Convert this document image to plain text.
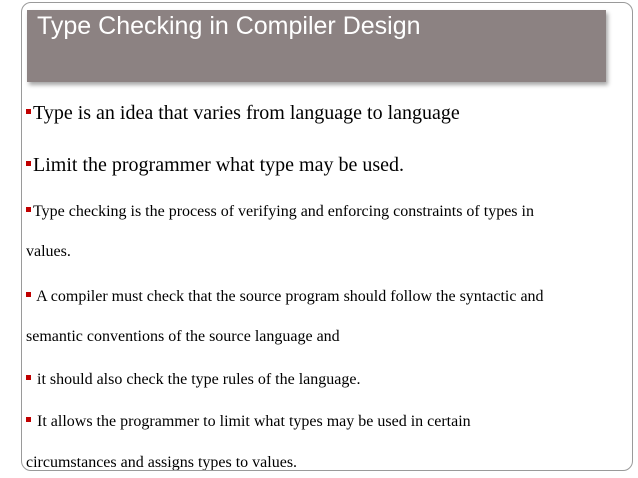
Type Checking in Compiler Design
Type is an idea that varies from language to language
Limit the programmer what type may be used.
Type checking is the process of verifying and enforcing constraints of types in
values.
A compiler must check that the source program should follow the syntactic and
semantic conventions of the source language and
it should also check the type rules of the language.
It allows the programmer to limit what types may be used in certain
circumstances and assigns types to values.
